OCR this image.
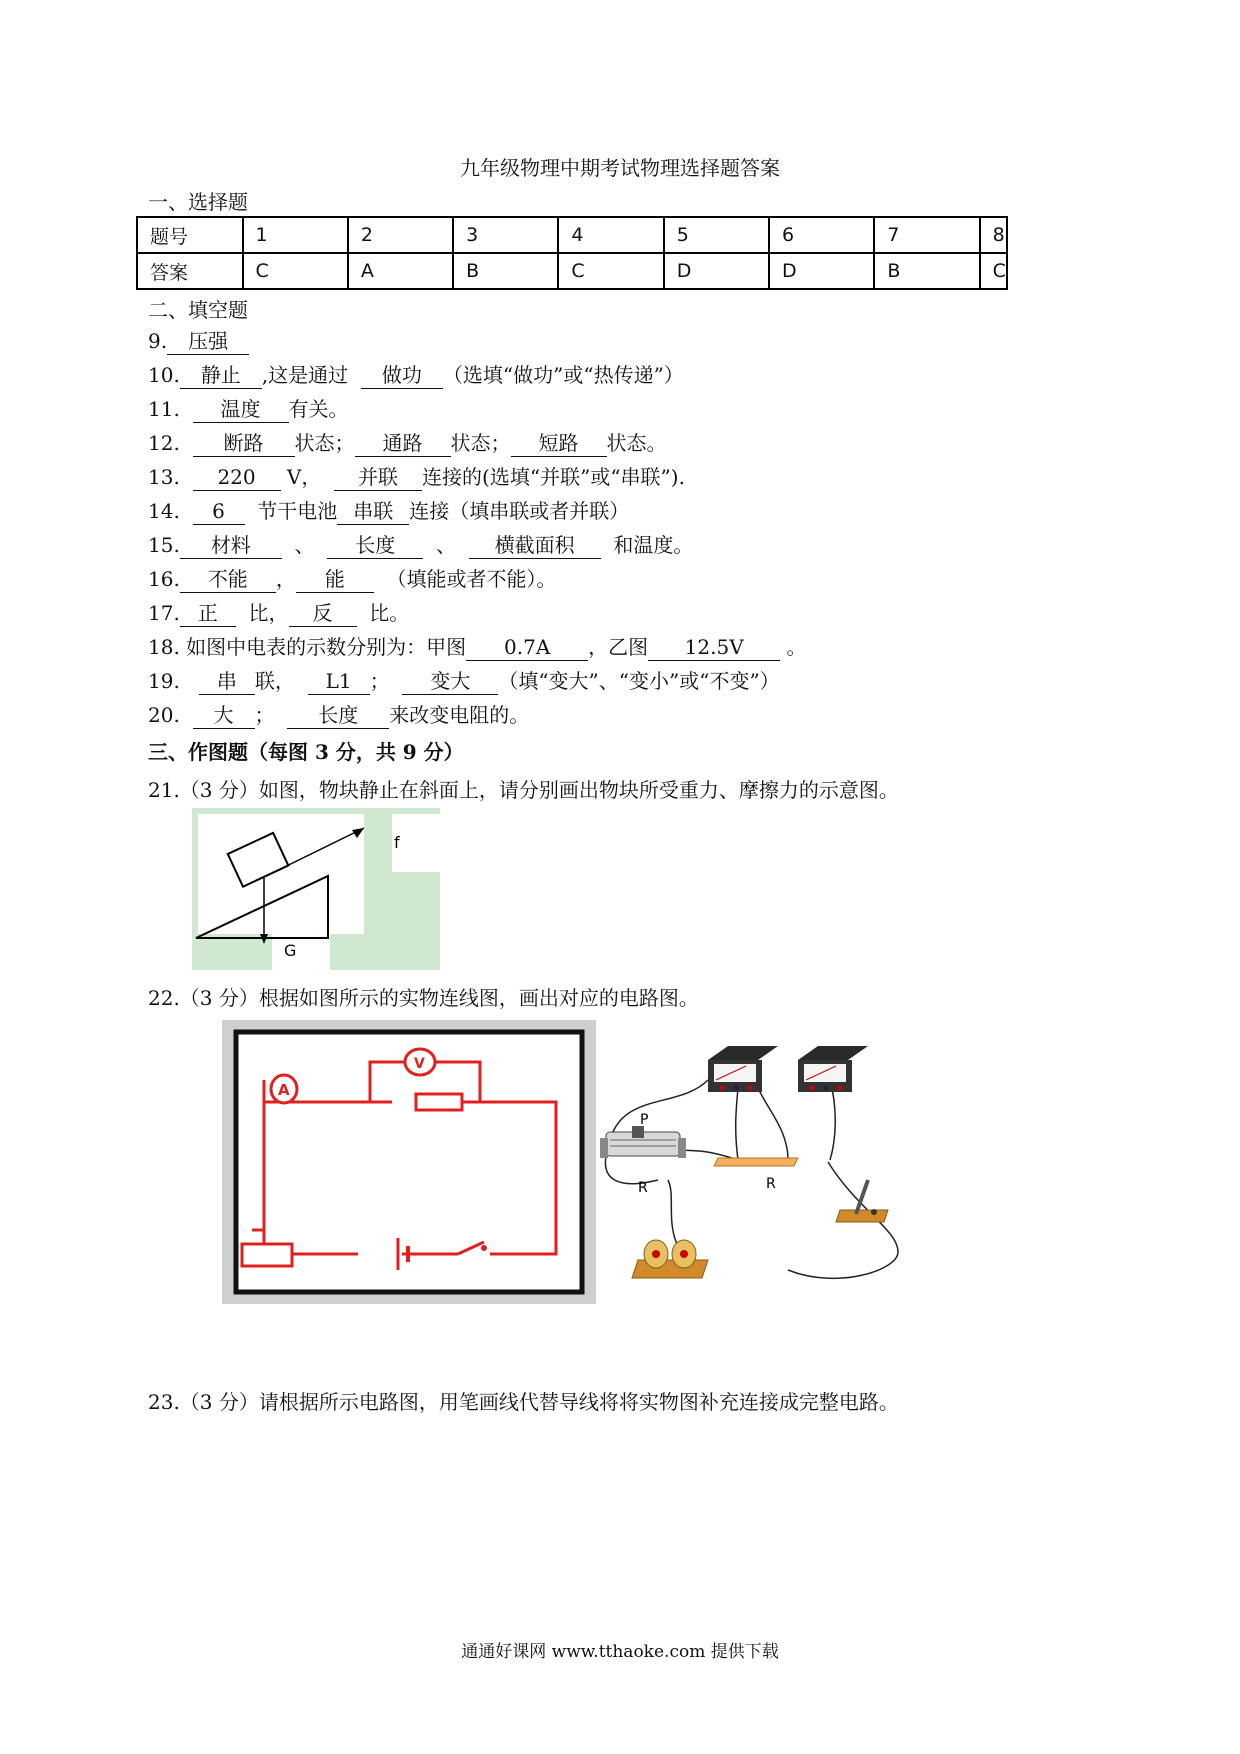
九年级物理中期考试物理选择题答案
一、选择题
题号	1	2	3	4	5	6	7	8
答案	C	A	B	C	D	D	B	C
二、填空题
9. 压强
10. 静止 ,这是通过 做功 （选填“做功”或“热传递”）
11. 温度 有关。
12. 断路 状态； 通路 状态； 短路 状态。
13. 220 V， 并联 连接的(选填“并联”或“串联”).
14. 6 节干电池 串联 连接（填串联或者并联）
15. 材料 、 长度 、 横截面积 和温度。
16. 不能 ， 能 （填能或者不能）。
17. 正 比， 反 比。
18. 如图中电表的示数分别为：甲图 0.7A ，乙图 12.5V 。
19. 串 联， L1 ； 变大 （填“变大”、“变小”或“不变”）
20. 大 ； 长度 来改变电阻的。
三、作图题（每图 3 分，共 9 分）
21.（3 分）如图，物块静止在斜面上，请分别画出物块所受重力、摩擦力的示意图。
f
G
22.（3 分）根据如图所示的实物连线图，画出对应的电路图。
A
V
P
R	R
23.（3 分）请根据所示电路图，用笔画线代替导线将将实物图补充连接成完整电路。
通通好课网 www.tthaoke.com 提供下载
